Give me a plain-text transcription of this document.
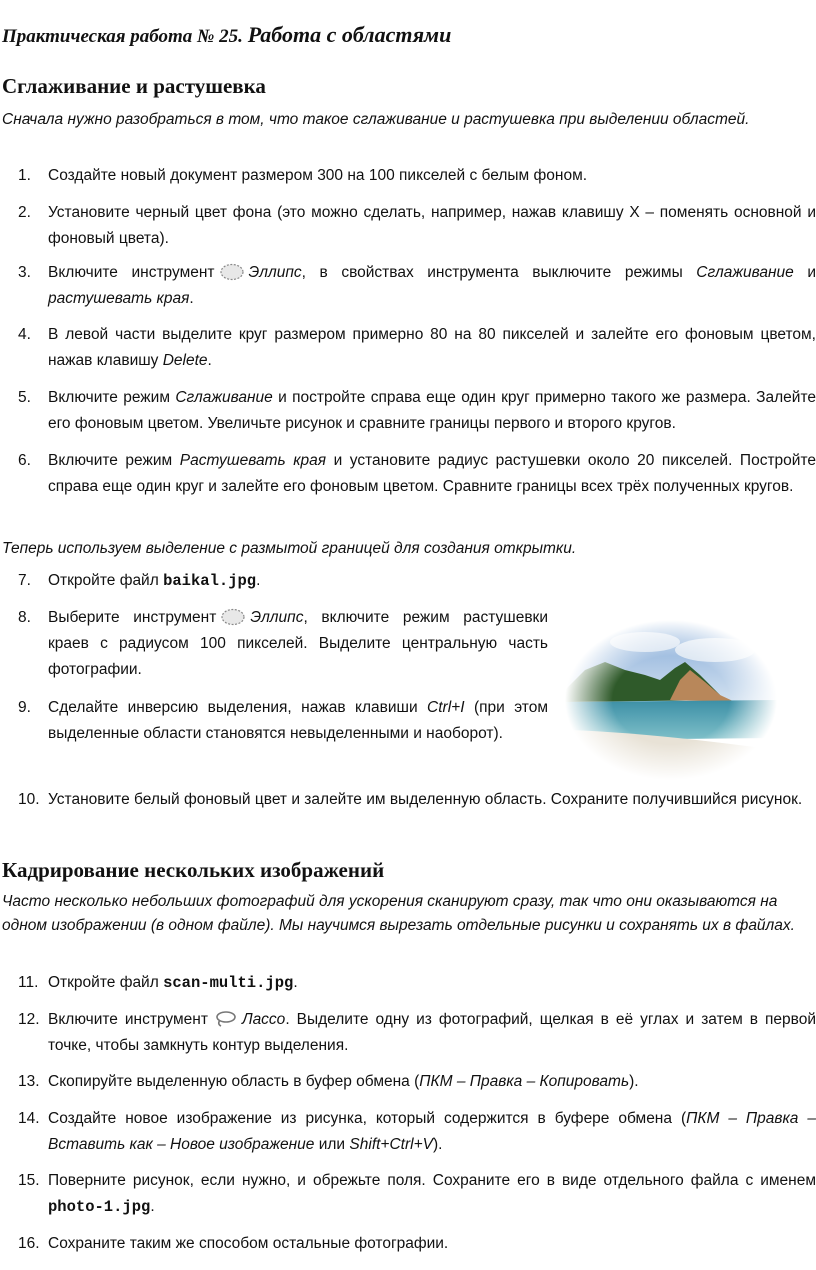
Практическая работа № 25. Работа с областями
Сглаживание и растушевка
Сначала нужно разобраться в том, что такое сглаживание и растушевка при выделении областей.
1.	Создайте новый документ размером 300 на 100 пикселей с белым фоном.
2.	Установите черный цвет фона (это можно сделать, например, нажав клавишу X – поменять основной и фоновый цвета).
3.	Включите инструмент Эллипс, в свойствах инструмента выключите режимы Сглаживание и растушевать края.
4.	В левой части выделите круг размером примерно 80 на 80 пикселей и залейте его фоновым цветом, нажав клавишу Delete.
5.	Включите режим Сглаживание и постройте справа еще один круг примерно такого же размера. Залейте его фоновым цветом. Увеличьте рисунок и сравните границы первого и второго кругов.
6.	Включите режим Растушевать края и установите радиус растушевки около 20 пикселей. Постройте справа еще один круг и залейте его фоновым цветом. Сравните границы всех трёх полученных кругов.
Теперь используем выделение с размытой границей для создания открытки.
7.	Откройте файл baikal.jpg.
8.	Выберите инструмент Эллипс, включите режим растушевки краев с радиусом 100 пикселей. Выделите центральную часть фотографии.
9.	Сделайте инверсию выделения, нажав клавиши Ctrl+I (при этом выделенные области становятся невыделенными и наоборот).
10. Установите белый фоновый цвет и залейте им выделенную область. Сохраните получившийся рисунок.
Кадрирование нескольких изображений
Часто несколько небольших фотографий для ускорения сканируют сразу, так что они оказываются на одном изображении (в одном файле). Мы научимся вырезать отдельные рисунки и сохранять их в файлах.
11. Откройте файл scan-multi.jpg.
12. Включите инструмент Лассо. Выделите одну из фотографий, щелкая в её углах и затем в первой точке, чтобы замкнуть контур выделения.
13. Скопируйте выделенную область в буфер обмена (ПКМ – Правка – Копировать).
14. Создайте новое изображение из рисунка, который содержится в буфере обмена (ПКМ – Правка – Вставить как – Новое изображение или Shift+Ctrl+V).
15. Поверните рисунок, если нужно, и обрежьте поля. Сохраните его в виде отдельного файла с именем photo-1.jpg.
16. Сохраните таким же способом остальные фотографии.
